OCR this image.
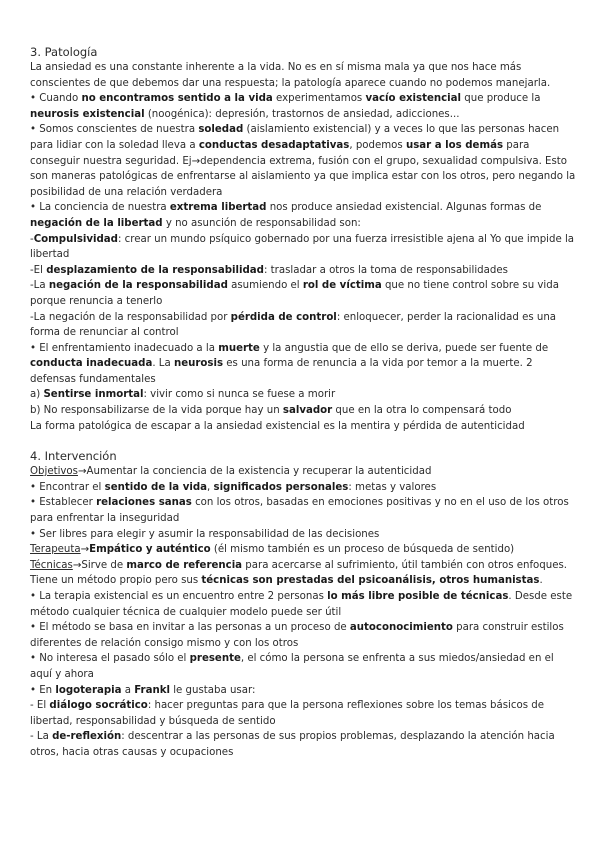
3. Patología

La ansiedad es una constante inherente a la vida. No es en sí misma mala ya que nos hace más conscientes de que debemos dar una respuesta; la patología aparece cuando no podemos manejarla.

• Cuando no encontramos sentido a la vida experimentamos vacío existencial que produce la neurosis existencial (noogénica): depresión, trastornos de ansiedad, adicciones...

• Somos conscientes de nuestra soledad (aislamiento existencial) y a veces lo que las personas hacen para lidiar con la soledad lleva a conductas desadaptativas, podemos usar a los demás para conseguir nuestra seguridad. Ej→dependencia extrema, fusión con el grupo, sexualidad compulsiva. Esto son maneras patológicas de enfrentarse al aislamiento ya que implica estar con los otros, pero negando la posibilidad de una relación verdadera

• La conciencia de nuestra extrema libertad nos produce ansiedad existencial. Algunas formas de negación de la libertad y no asunción de responsabilidad son:

-Compulsividad: crear un mundo psíquico gobernado por una fuerza irresistible ajena al Yo que impide la libertad

-El desplazamiento de la responsabilidad: trasladar a otros la toma de responsabilidades

-La negación de la responsabilidad asumiendo el rol de víctima que no tiene control sobre su vida porque renuncia a tenerlo

-La negación de la responsabilidad por pérdida de control: enloquecer, perder la racionalidad es una forma de renunciar al control

• El enfrentamiento inadecuado a la muerte y la angustia que de ello se deriva, puede ser fuente de conducta inadecuada. La neurosis es una forma de renuncia a la vida por temor a la muerte. 2 defensas fundamentales

a) Sentirse inmortal: vivir como si nunca se fuese a morir

b) No responsabilizarse de la vida porque hay un salvador que en la otra lo compensará todo

La forma patológica de escapar a la ansiedad existencial es la mentira y pérdida de autenticidad

4. Intervención

Objetivos→Aumentar la conciencia de la existencia y recuperar la autenticidad

• Encontrar el sentido de la vida, significados personales: metas y valores

• Establecer relaciones sanas con los otros, basadas en emociones positivas y no en el uso de los otros para enfrentar la inseguridad

• Ser libres para elegir y asumir la responsabilidad de las decisiones

Terapeuta→Empático y auténtico (él mismo también es un proceso de búsqueda de sentido)

Técnicas→Sirve de marco de referencia para acercarse al sufrimiento, útil también con otros enfoques. Tiene un método propio pero sus técnicas son prestadas del psicoanálisis, otros humanistas.

• La terapia existencial es un encuentro entre 2 personas lo más libre posible de técnicas. Desde este método cualquier técnica de cualquier modelo puede ser útil

• El método se basa en invitar a las personas a un proceso de autoconocimiento para construir estilos diferentes de relación consigo mismo y con los otros

• No interesa el pasado sólo el presente, el cómo la persona se enfrenta a sus miedos/ansiedad en el aquí y ahora

• En logoterapia a Frankl le gustaba usar:

- El diálogo socrático: hacer preguntas para que la persona reflexiones sobre los temas básicos de libertad, responsabilidad y búsqueda de sentido

- La de-reflexión: descentrar a las personas de sus propios problemas, desplazando la atención hacia otros, hacia otras causas y ocupaciones
